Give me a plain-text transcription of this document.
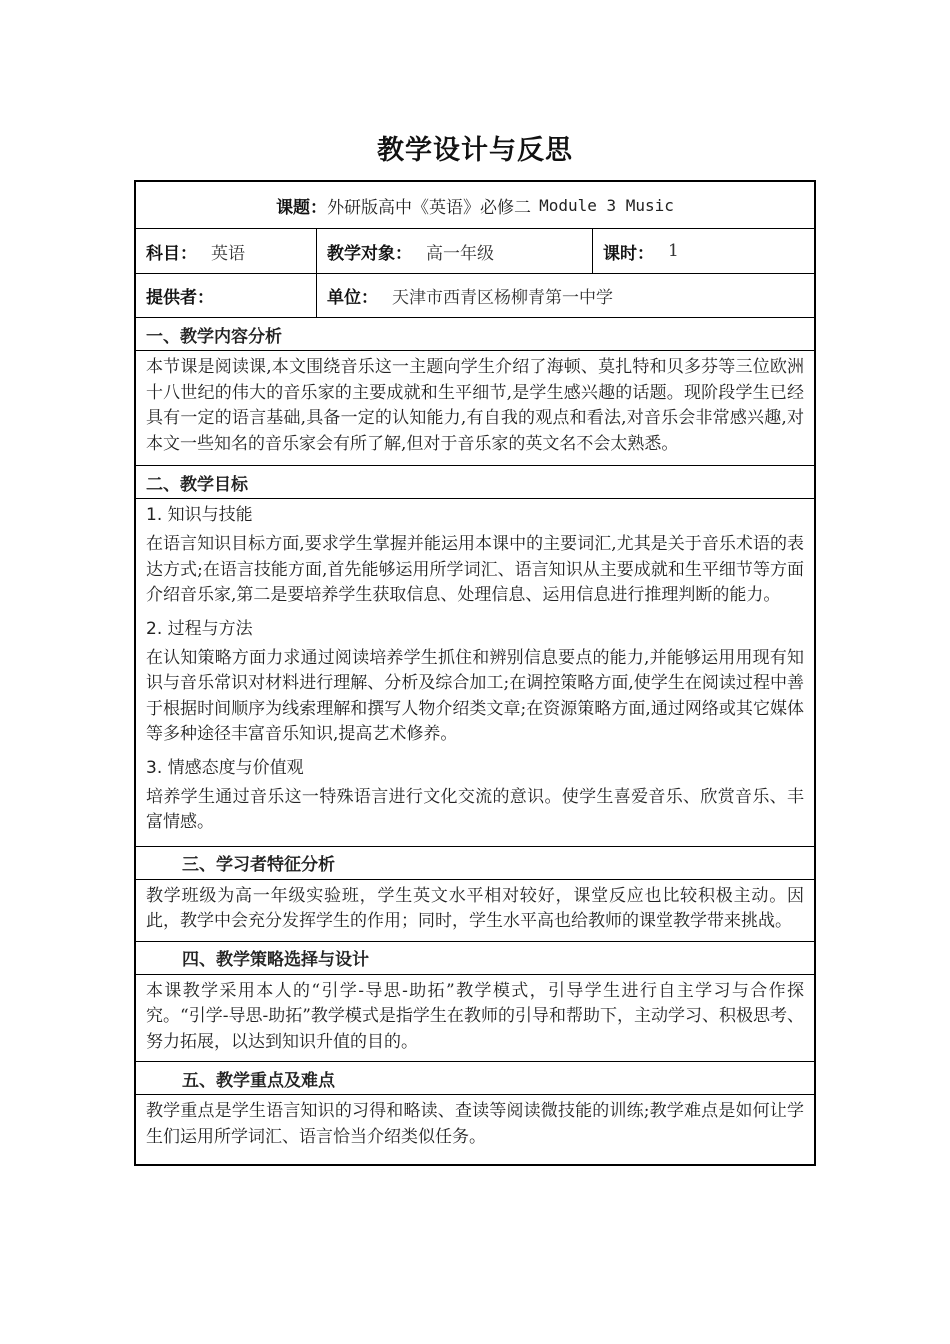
教学设计与反思
课题： 外研版高中《英语》必修二 Module 3 Music
科目： 英语	教学对象： 高一年级	课时： 1
提供者：	单位： 天津市西青区杨柳青第一中学
一、教学内容分析
本节课是阅读课,本文围绕音乐这一主题向学生介绍了海顿、莫扎特和贝多芬等三位欧洲十八世纪的伟大的音乐家的主要成就和生平细节,是学生感兴趣的话题。现阶段学生已经具有一定的语言基础,具备一定的认知能力,有自我的观点和看法,对音乐会非常感兴趣,对本文一些知名的音乐家会有所了解,但对于音乐家的英文名不会太熟悉。
二、教学目标
1. 知识与技能
在语言知识目标方面,要求学生掌握并能运用本课中的主要词汇,尤其是关于音乐术语的表达方式;在语言技能方面,首先能够运用所学词汇、语言知识从主要成就和生平细节等方面介绍音乐家,第二是要培养学生获取信息、处理信息、运用信息进行推理判断的能力。
2. 过程与方法
在认知策略方面力求通过阅读培养学生抓住和辨别信息要点的能力,并能够运用用现有知识与音乐常识对材料进行理解、分析及综合加工;在调控策略方面,使学生在阅读过程中善于根据时间顺序为线索理解和撰写人物介绍类文章;在资源策略方面,通过网络或其它媒体等多种途径丰富音乐知识,提高艺术修养。
3. 情感态度与价值观
培养学生通过音乐这一特殊语言进行文化交流的意识。使学生喜爱音乐、欣赏音乐、丰富情感。
三、学习者特征分析
教学班级为高一年级实验班，学生英文水平相对较好，课堂反应也比较积极主动。因此，教学中会充分发挥学生的作用；同时，学生水平高也给教师的课堂教学带来挑战。
四、教学策略选择与设计
本课教学采用本人的“引学-导思-助拓”教学模式，引导学生进行自主学习与合作探究。“引学-导思-助拓”教学模式是指学生在教师的引导和帮助下，主动学习、积极思考、努力拓展，以达到知识升值的目的。
五、教学重点及难点
教学重点是学生语言知识的习得和略读、查读等阅读微技能的训练;教学难点是如何让学生们运用所学词汇、语言恰当介绍类似任务。
